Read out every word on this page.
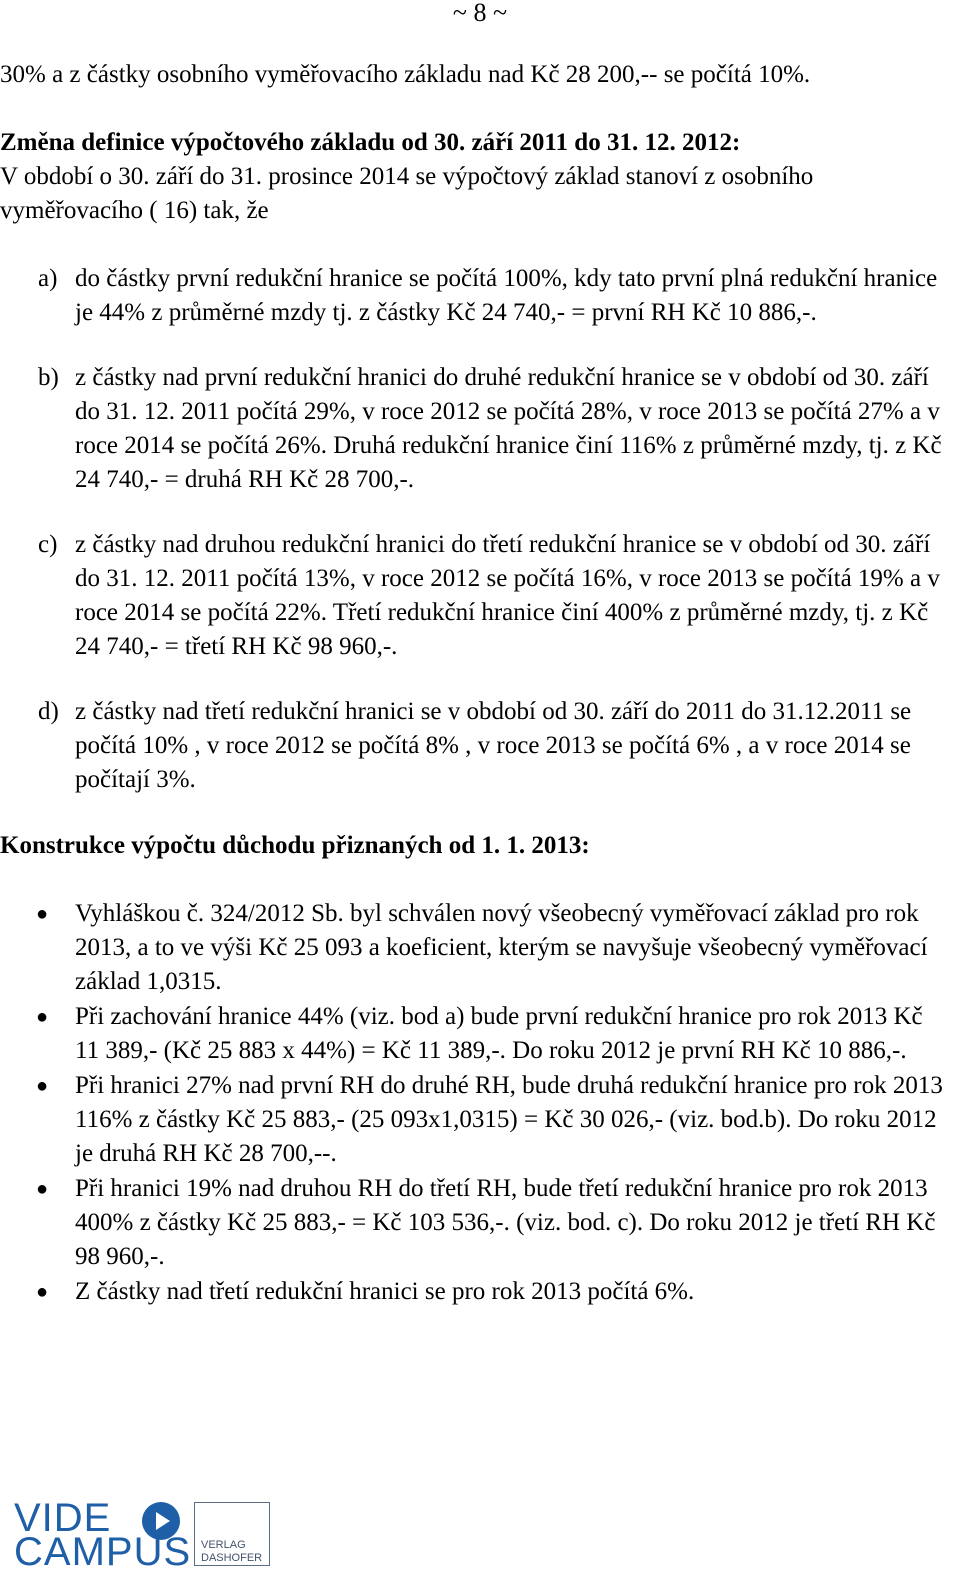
~ 8 ~

30% a z částky osobního vyměřovacího základu nad Kč 28 200,-- se počítá 10%.

Změna definice výpočtového základu od 30. září 2011 do 31. 12. 2012:

V období o 30. září do 31. prosince 2014 se výpočtový základ stanoví z osobního vyměřovacího ( 16) tak, že

a) do částky první redukční hranice se počítá 100%, kdy tato první plná redukční hranice je 44% z průměrné mzdy tj. z částky Kč 24 740,- = první RH Kč 10 886,-.
b) z částky nad první redukční hranici do druhé redukční hranice se v období od 30. září do 31. 12. 2011 počítá 29%, v roce 2012 se počítá 28%, v roce 2013 se počítá 27% a v roce 2014 se počítá 26%. Druhá redukční hranice činí 116% z průměrné mzdy, tj. z Kč 24 740,- = druhá RH Kč 28 700,-.
c) z částky nad druhou redukční hranici do třetí redukční hranice se v období od 30. září do 31. 12. 2011 počítá 13%, v roce 2012 se počítá 16%, v roce 2013 se počítá 19% a v roce 2014 se počítá 22%. Třetí redukční hranice činí 400% z průměrné mzdy, tj. z Kč 24 740,- = třetí RH Kč 98 960,-.
d) z částky nad třetí redukční hranici se v období od 30. září do 2011 do 31.12.2011 se počítá 10% , v roce 2012 se počítá 8% , v roce 2013 se počítá 6% , a v roce 2014 se počítají 3%.

Konstrukce výpočtu důchodu přiznaných od 1. 1. 2013:

● Vyhláškou č. 324/2012 Sb. byl schválen nový všeobecný vyměřovací základ pro rok 2013, a to ve výši Kč 25 093 a koeficient, kterým se navyšuje všeobecný vyměřovací základ 1,0315.
● Při zachování hranice 44% (viz. bod a) bude první redukční hranice pro rok 2013 Kč 11 389,- (Kč 25 883 x 44%) = Kč 11 389,-. Do roku 2012 je první RH Kč 10 886,-.
● Při hranici 27% nad první RH do druhé RH, bude druhá redukční hranice pro rok 2013 116% z částky Kč 25 883,- (25 093x1,0315) = Kč 30 026,- (viz. bod.b). Do roku 2012 je druhá RH Kč 28 700,--.
● Při hranici 19% nad druhou RH do třetí RH, bude třetí redukční hranice pro rok 2013 400% z částky Kč 25 883,- = Kč 103 536,-. (viz. bod. c). Do roku 2012 je třetí RH Kč 98 960,-.
● Z částky nad třetí redukční hranici se pro rok 2013 počítá 6%.
VIDE
CAMPUS VERLAG
DASHOFER
